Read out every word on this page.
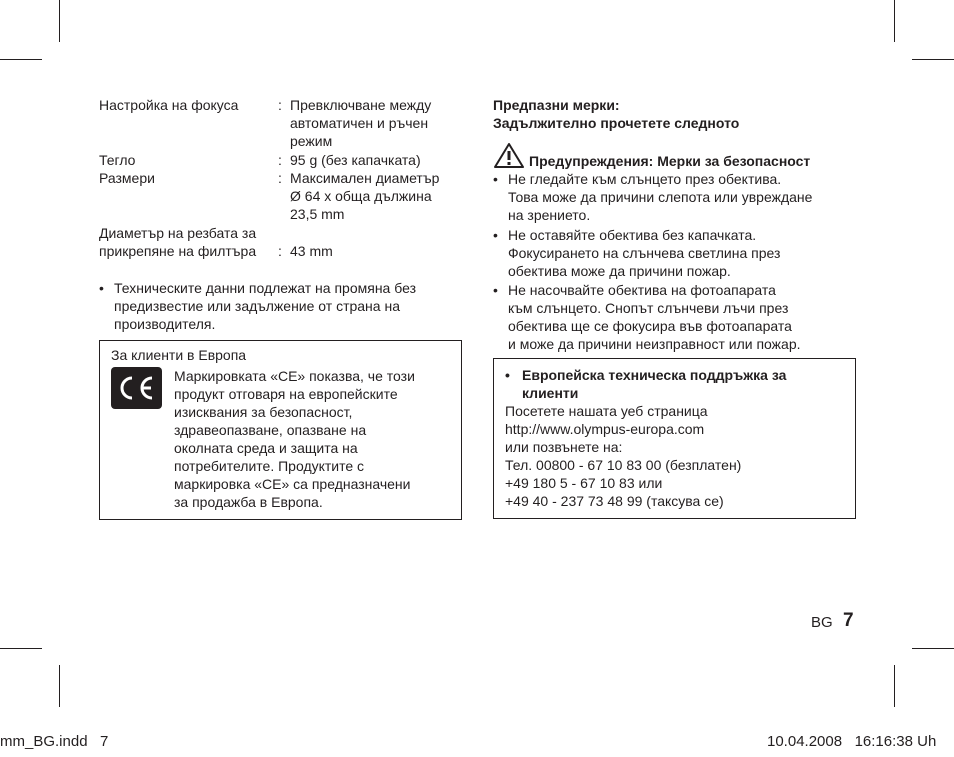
Настройка на фокуса	: Превключване между
автоматичен и ръчен
режим
Тегло	: 95 g (без капачката)
Размери	: Максимален диаметър
Ø 64 x обща дължина
23,5 mm
Диаметър на резбата за
прикрепяне на филтъра	: 43 mm
• Техническите данни подлежат на промяна без
предизвестие или задължение от страна на
производителя.
За клиенти в Европа
Маркировката «CE» показва, че този
продукт отговаря на европейските
изисквания за безопасност,
здравеопазване, опазване на
околната среда и защита на
потребителите. Продуктите с
маркировка «CE» са предназначени
за продажба в Европа.
Предпазни мерки:
Задължително прочетете следното
Предупреждения: Мерки за безопасност
• Не гледайте към слънцето през обектива.
Това може да причини слепота или увреждане
на зрението.
• Не оставяйте обектива без капачката.
Фокусирането на слънчева светлина през
обектива може да причини пожар.
• Не насочвайте обектива на фотоапарата
към слънцето. Снопът слънчеви лъчи през
обектива ще се фокусира във фотоапарата
и може да причини неизправност или пожар.
• Европейска техническа поддръжка за
клиенти
Посетете нашата уеб страница
http://www.olympus-europa.com
или позвънете на:
Тел. 00800 - 67 10 83 00 (безплатен)
+49 180 5 - 67 10 83 или
+49 40 - 237 73 48 99 (таксува се)
BG 7
mm_BG.indd   7	10.04.2008   16:16:38 Uh
